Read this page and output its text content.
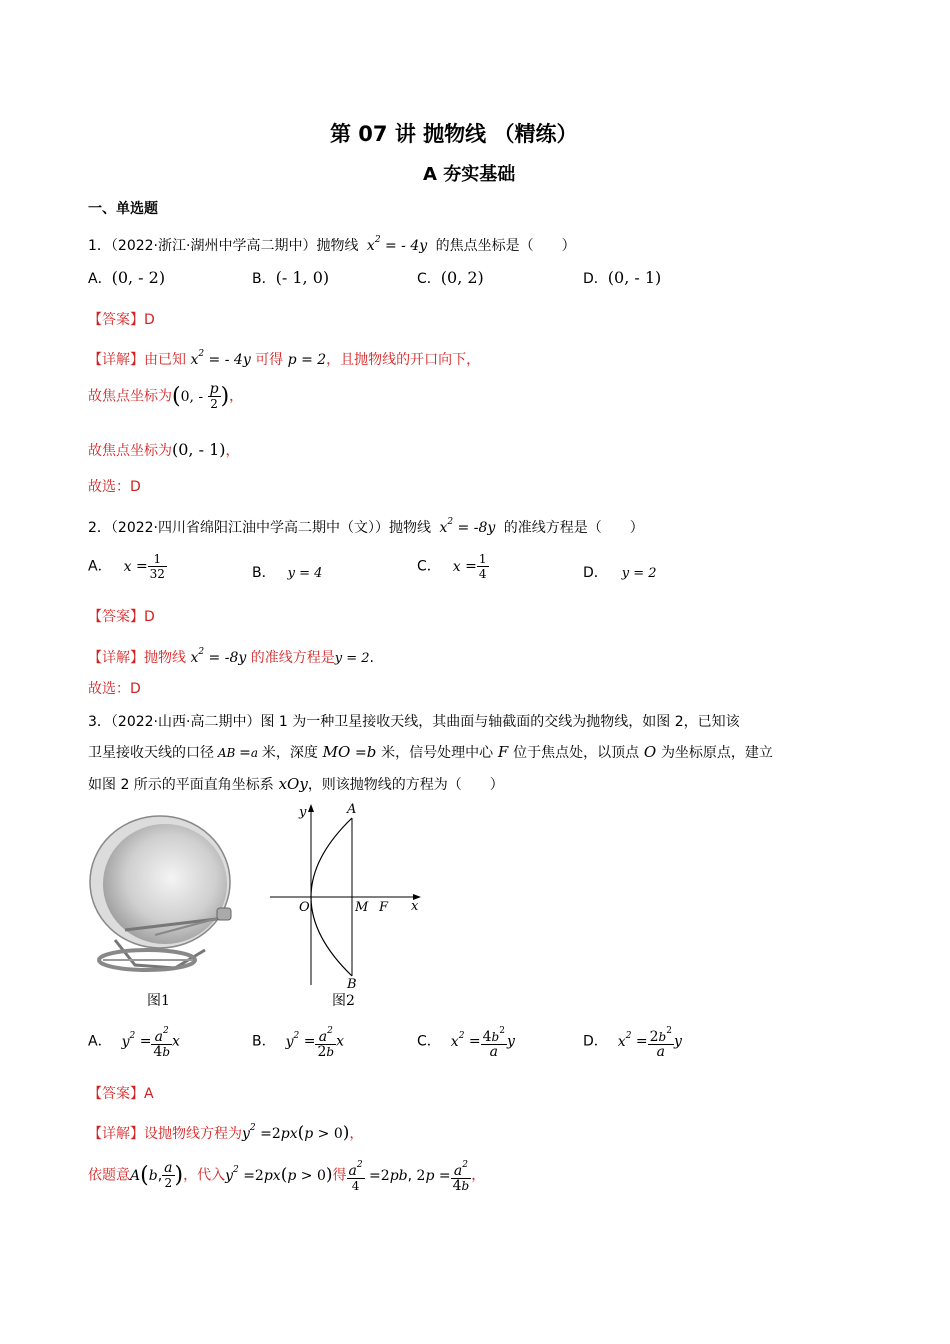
第 07 讲 抛物线 （精练）
A 夯实基础
一、单选题
1．（2022·浙江·湖州中学高二期中）抛物线 $x^2$ = - 4y 的焦点坐标是（　　）
A．(0, - 2)	B．(- 1, 0)	C．(0, 2)	D．(0, - 1)
【答案】D
【详解】由已知 $x^2$ = - 4y 可得 p = 2，且抛物线的开口向下，
故焦点坐标为(0, - $\frac{p}{2}$ )，
故焦点坐标为(0, - 1)，
故选：D
2．（2022·四川省绵阳江油中学高二期中（文））抛物线 $x^2 = -8y$ 的准线方程是（　　）
A． $x = \frac{1}{32}$	B． y = 4	C． $x = \frac{1}{4}$	D． y = 2
【答案】D
【详解】抛物线 $x^2 = -8y$ 的准线方程是y = 2.
故选：D
3．（2022·山西·高二期中）图 1 为一种卫星接收天线，其曲面与轴截面的交线为抛物线，如图 2，已知该
卫星接收天线的口径 AB =a 米，深度 MO =b 米，信号处理中心 F 位于焦点处，以顶点 O 为坐标原点，建立
如图 2 所示的平面直角坐标系 xOy，则该抛物线的方程为（　　）
图1
y	A
O	M F x
B
图2
A． $y^2 = \frac{a^2}{4b}$ x	B． $y^2 = \frac{a^2}{2b}$ x	C． $x^2 = \frac{4b^2}{a}$ y	D． $x^2 = \frac{2b^2}{a}$ y
【答案】A
【详解】设抛物线方程为$y^2 =2px(p > 0)$，
依题意A(b, $\frac{a}{2}$ )，代入$y^2 =2px(p > 0)$得 $\frac{a^2}{4} =2pb$, $2p = \frac{a^2}{4b}$ ，
